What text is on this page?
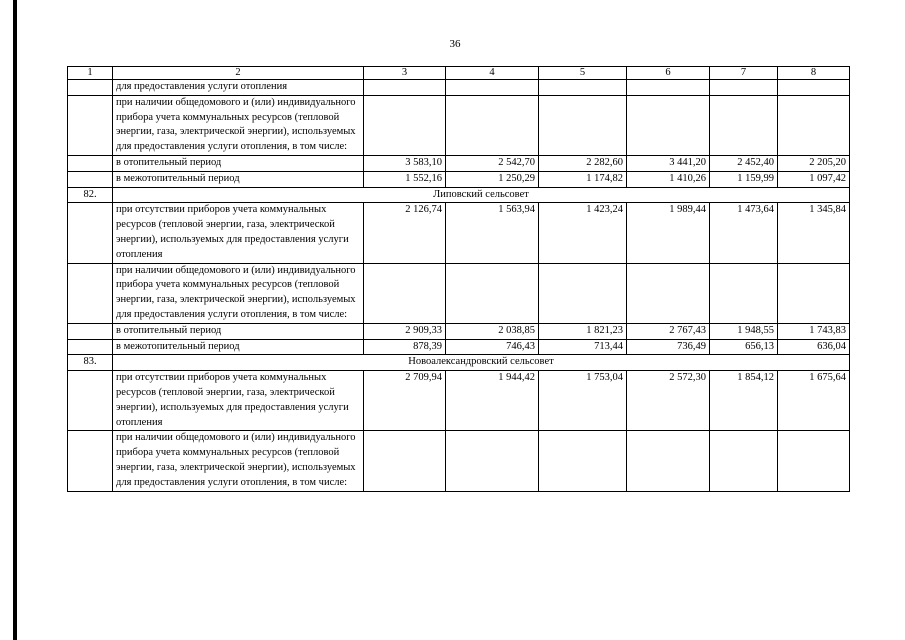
36
1	2	3	4	5	6	7	8
	для предоставления услуги отопления						
	при наличии общедомового и (или) индивидуального прибора учета коммунальных ресурсов (тепловой энергии, газа, электрической энергии), используемых для предоставления услуги отопления, в том числе:						
	в отопительный период	3 583,10	2 542,70	2 282,60	3 441,20	2 452,40	2 205,20
	в межотопительный период	1 552,16	1 250,29	1 174,82	1 410,26	1 159,99	1 097,42
82.	Липовский сельсовет						
	при отсутствии приборов учета коммунальных ресурсов (тепловой энергии, газа, электрической энергии), используемых для предоставления услуги отопления	2 126,74	1 563,94	1 423,24	1 989,44	1 473,64	1 345,84
	при наличии общедомового и (или) индивидуального прибора учета коммунальных ресурсов (тепловой энергии, газа, электрической энергии), используемых для предоставления услуги отопления, в том числе:						
	в отопительный период	2 909,33	2 038,85	1 821,23	2 767,43	1 948,55	1 743,83
	в межотопительный период	878,39	746,43	713,44	736,49	656,13	636,04
83.	Новоалександровский сельсовет						
	при отсутствии приборов учета коммунальных ресурсов (тепловой энергии, газа, электрической энергии), используемых для предоставления услуги отопления	2 709,94	1 944,42	1 753,04	2 572,30	1 854,12	1 675,64
	при наличии общедомового и (или) индивидуального прибора учета коммунальных ресурсов (тепловой энергии, газа, электрической энергии), используемых для предоставления услуги отопления, в том числе:						
